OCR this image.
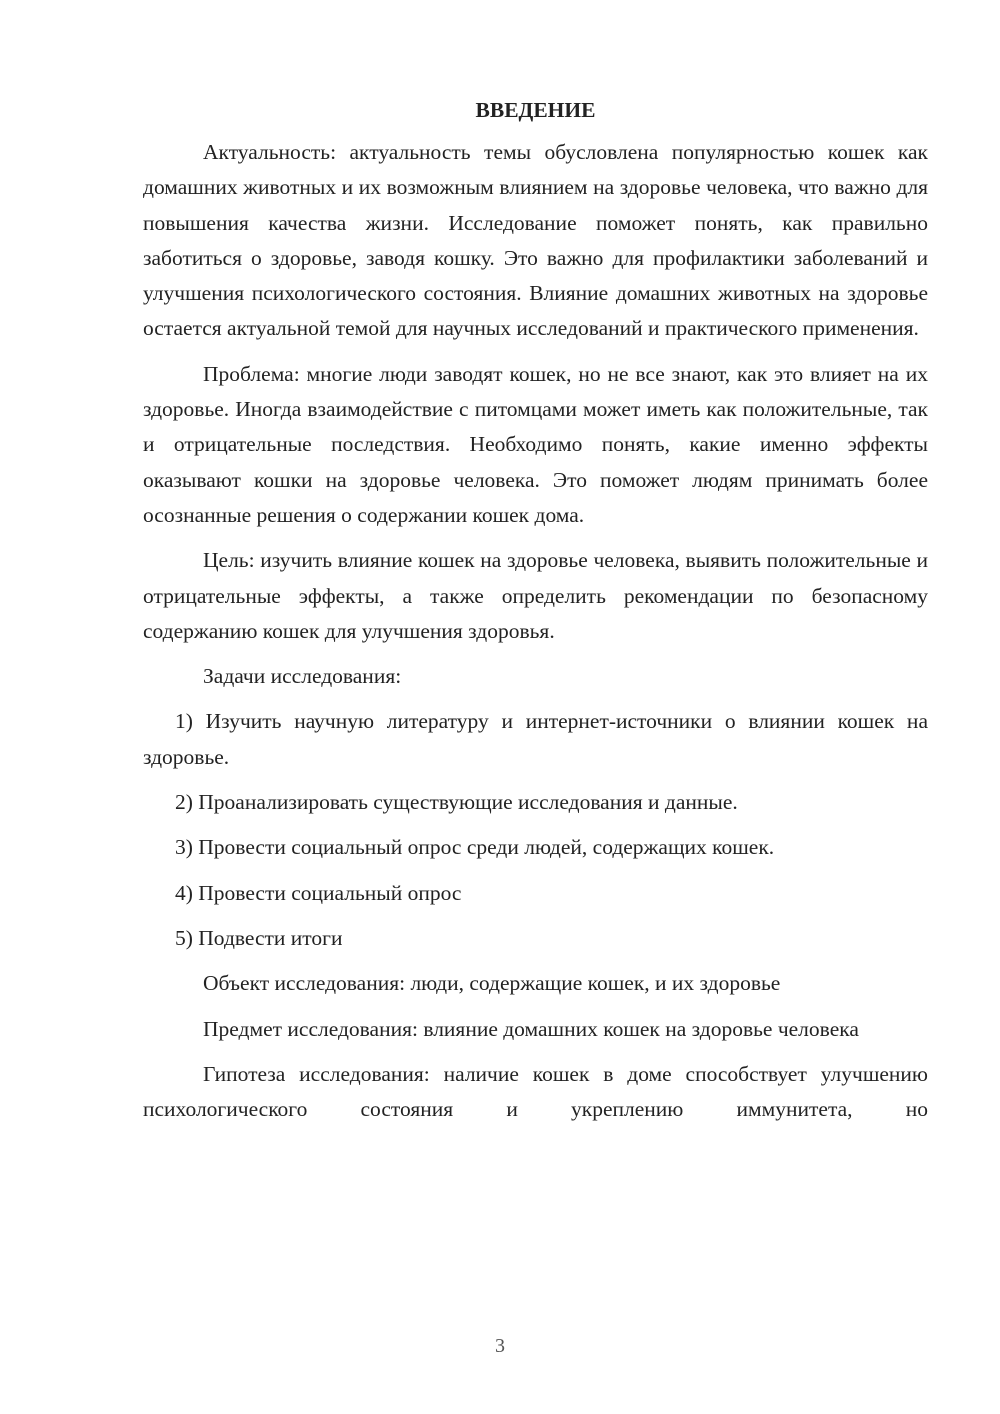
ВВЕДЕНИЕ

Актуальность: актуальность темы обусловлена популярностью кошек как домашних животных и их возможным влиянием на здоровье человека, что важно для повышения качества жизни. Исследование поможет понять, как правильно заботиться о здоровье, заводя кошку. Это важно для профилактики заболеваний и улучшения психологического состояния. Влияние домашних животных на здоровье остается актуальной темой для научных исследований и практического применения.

Проблема: многие люди заводят кошек, но не все знают, как это влияет на их здоровье. Иногда взаимодействие с питомцами может иметь как положительные, так и отрицательные последствия. Необходимо понять, какие именно эффекты оказывают кошки на здоровье человека. Это поможет людям принимать более осознанные решения о содержании кошек дома.

Цель: изучить влияние кошек на здоровье человека, выявить положительные и отрицательные эффекты, а также определить рекомендации по безопасному содержанию кошек для улучшения здоровья.

Задачи исследования:

1) Изучить научную литературу и интернет-источники о влиянии кошек на здоровье.

2) Проанализировать существующие исследования и данные.

3) Провести социальный опрос среди людей, содержащих кошек.

4) Провести социальный опрос

5) Подвести итоги

Объект исследования: люди, содержащие кошек, и их здоровье

Предмет исследования: влияние домашних кошек на здоровье человека

Гипотеза исследования: наличие кошек в доме способствует улучшению психологического состояния и укреплению иммунитета, но

3
